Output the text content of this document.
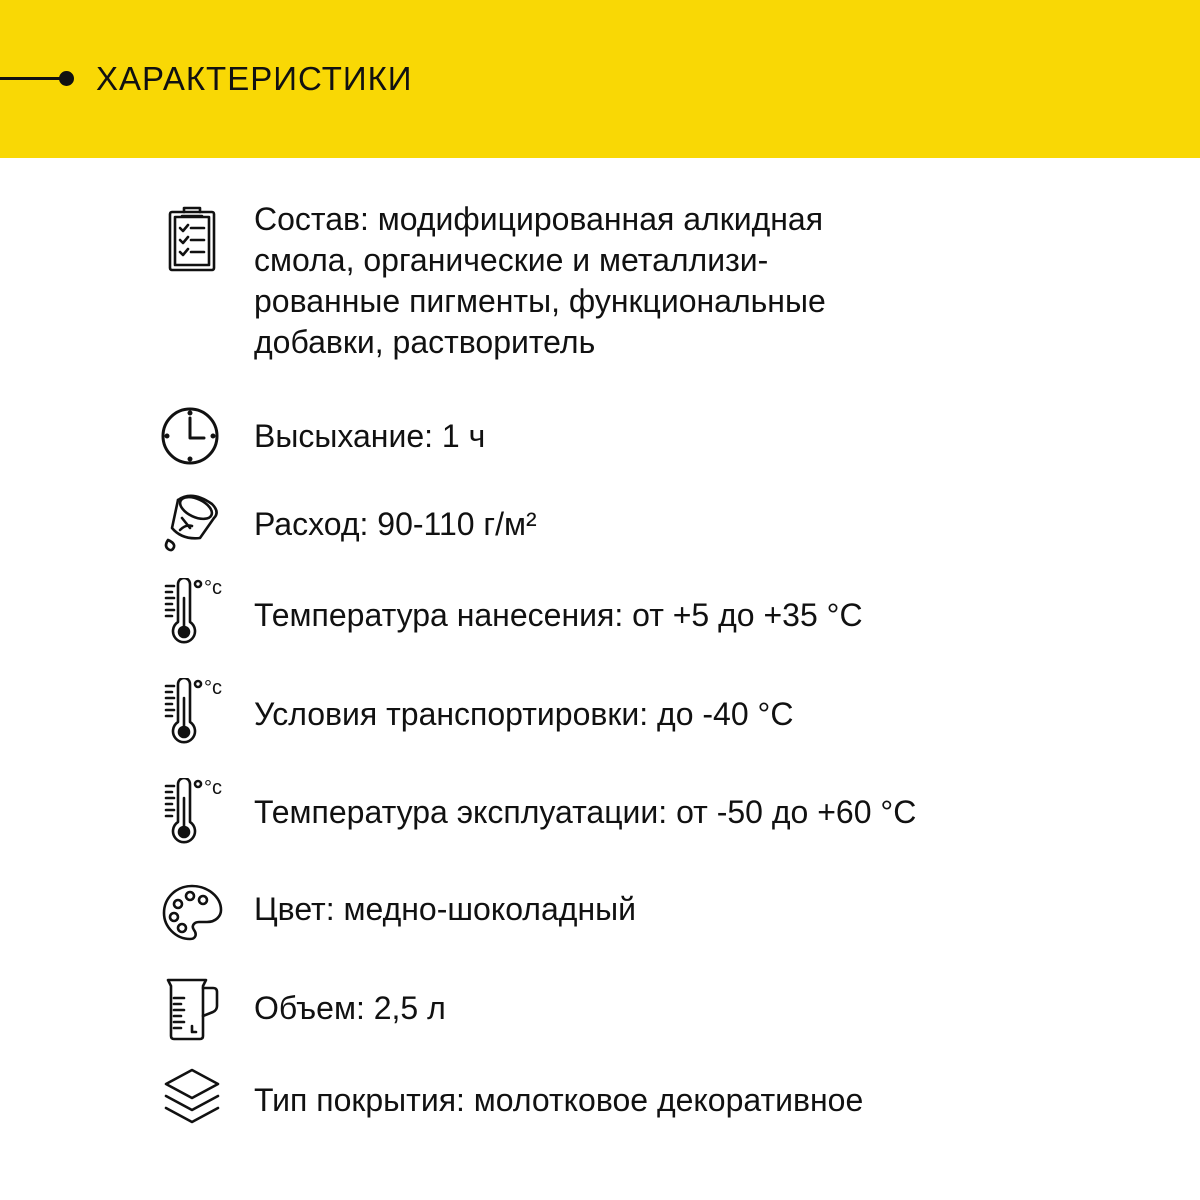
ХАРАКТЕРИСТИКИ
Состав: модифицированная алкидная
смола, органические и металлизи-
рованные пигменты, функциональные
добавки, растворитель
Высыхание: 1 ч
Расход: 90-110 г/м²
°c
Температура нанесения: от +5 до +35 °С
°c
Условия транспортировки: до -40 °С
°c
Температура эксплуатации: от -50 до +60 °С
Цвет: медно-шоколадный
Объем: 2,5 л
Тип покрытия: молотковое декоративное
